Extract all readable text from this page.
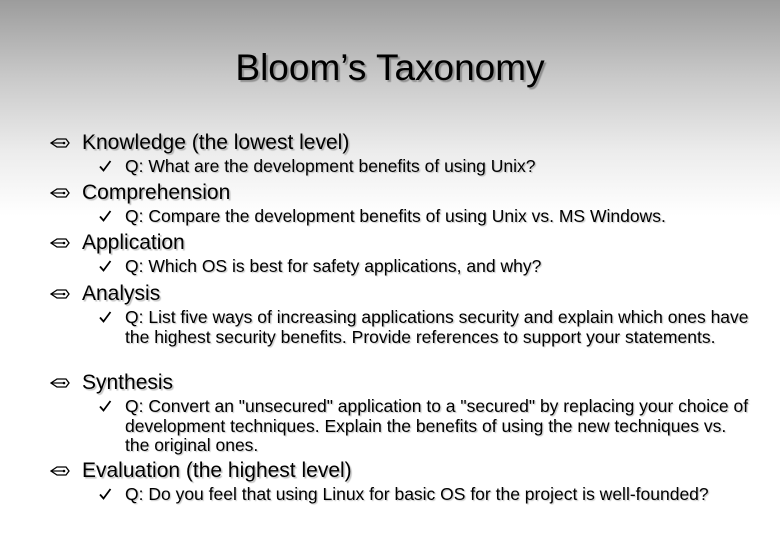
Bloom’s Taxonomy
Knowledge (the lowest level)
Q: What are the development benefits of using Unix?
Comprehension
Q: Compare the development benefits of using Unix vs. MS Windows.
Application
Q: Which OS is best for safety applications, and why?
Analysis
Q: List five ways of increasing applications security and explain which ones have the highest security benefits. Provide references to support your statements.
Synthesis
Q: Convert an "unsecured" application to a "secured" by replacing your choice of development techniques. Explain the benefits of using the new techniques vs. the original ones.
Evaluation (the highest level)
Q: Do you feel that using Linux for basic OS for the project is well-founded?
